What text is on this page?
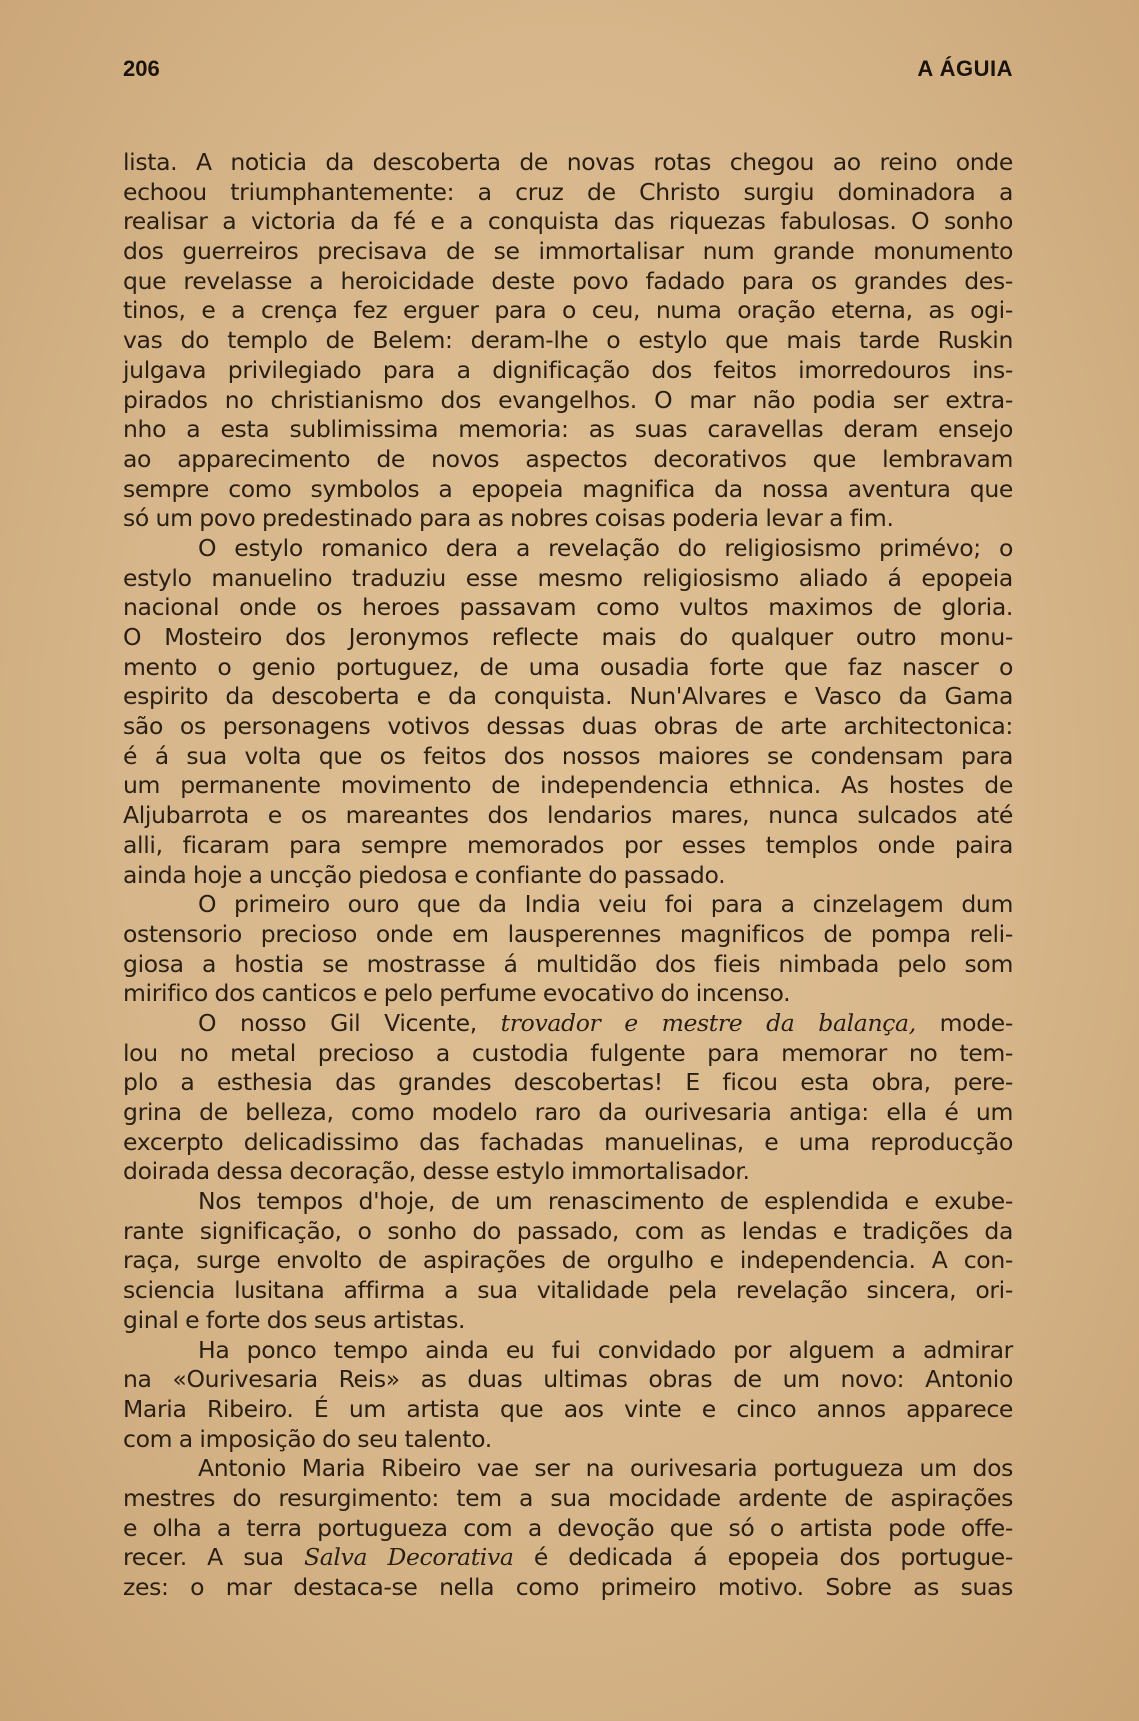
206	A ÁGUIA
lista. A noticia da descoberta de novas rotas chegou ao reino onde
echoou triumphantemente: a cruz de Christo surgiu dominadora a
realisar a victoria da fé e a conquista das riquezas fabulosas. O sonho
dos guerreiros precisava de se immortalisar num grande monumento
que revelasse a heroicidade deste povo fadado para os grandes des-
tinos, e a crença fez erguer para o ceu, numa oração eterna, as ogi-
vas do templo de Belem: deram-lhe o estylo que mais tarde Ruskin
julgava privilegiado para a dignificação dos feitos imorredouros ins-
pirados no christianismo dos evangelhos. O mar não podia ser extra-
nho a esta sublimissima memoria: as suas caravellas deram ensejo
ao apparecimento de novos aspectos decorativos que lembravam
sempre como symbolos a epopeia magnifica da nossa aventura que
só um povo predestinado para as nobres coisas poderia levar a fim.
O estylo romanico dera a revelação do religiosismo primévo; o
estylo manuelino traduziu esse mesmo religiosismo aliado á epopeia
nacional onde os heroes passavam como vultos maximos de gloria.
O Mosteiro dos Jeronymos reflecte mais do qualquer outro monu-
mento o genio portuguez, de uma ousadia forte que faz nascer o
espirito da descoberta e da conquista. Nun'Alvares e Vasco da Gama
são os personagens votivos dessas duas obras de arte architectonica:
é á sua volta que os feitos dos nossos maiores se condensam para
um permanente movimento de independencia ethnica. As hostes de
Aljubarrota e os mareantes dos lendarios mares, nunca sulcados até
alli, ficaram para sempre memorados por esses templos onde paira
ainda hoje a uncção piedosa e confiante do passado.
O primeiro ouro que da India veiu foi para a cinzelagem dum
ostensorio precioso onde em lausperennes magnificos de pompa reli-
giosa a hostia se mostrasse á multidão dos fieis nimbada pelo som
mirifico dos canticos e pelo perfume evocativo do incenso.
O nosso Gil Vicente, trovador e mestre da balança, mode-
lou no metal precioso a custodia fulgente para memorar no tem-
plo a esthesia das grandes descobertas! E ficou esta obra, pere-
grina de belleza, como modelo raro da ourivesaria antiga: ella é um
excerpto delicadissimo das fachadas manuelinas, e uma reproducção
doirada dessa decoração, desse estylo immortalisador.
Nos tempos d'hoje, de um renascimento de esplendida e exube-
rante significação, o sonho do passado, com as lendas e tradições da
raça, surge envolto de aspirações de orgulho e independencia. A con-
sciencia lusitana affirma a sua vitalidade pela revelação sincera, ori-
ginal e forte dos seus artistas.
Ha ponco tempo ainda eu fui convidado por alguem a admirar
na «Ourivesaria Reis» as duas ultimas obras de um novo: Antonio
Maria Ribeiro. É um artista que aos vinte e cinco annos apparece
com a imposição do seu talento.
Antonio Maria Ribeiro vae ser na ourivesaria portugueza um dos
mestres do resurgimento: tem a sua mocidade ardente de aspirações
e olha a terra portugueza com a devoção que só o artista pode offe-
recer. A sua Salva Decorativa é dedicada á epopeia dos portugue-
zes: o mar destaca-se nella como primeiro motivo. Sobre as suas
